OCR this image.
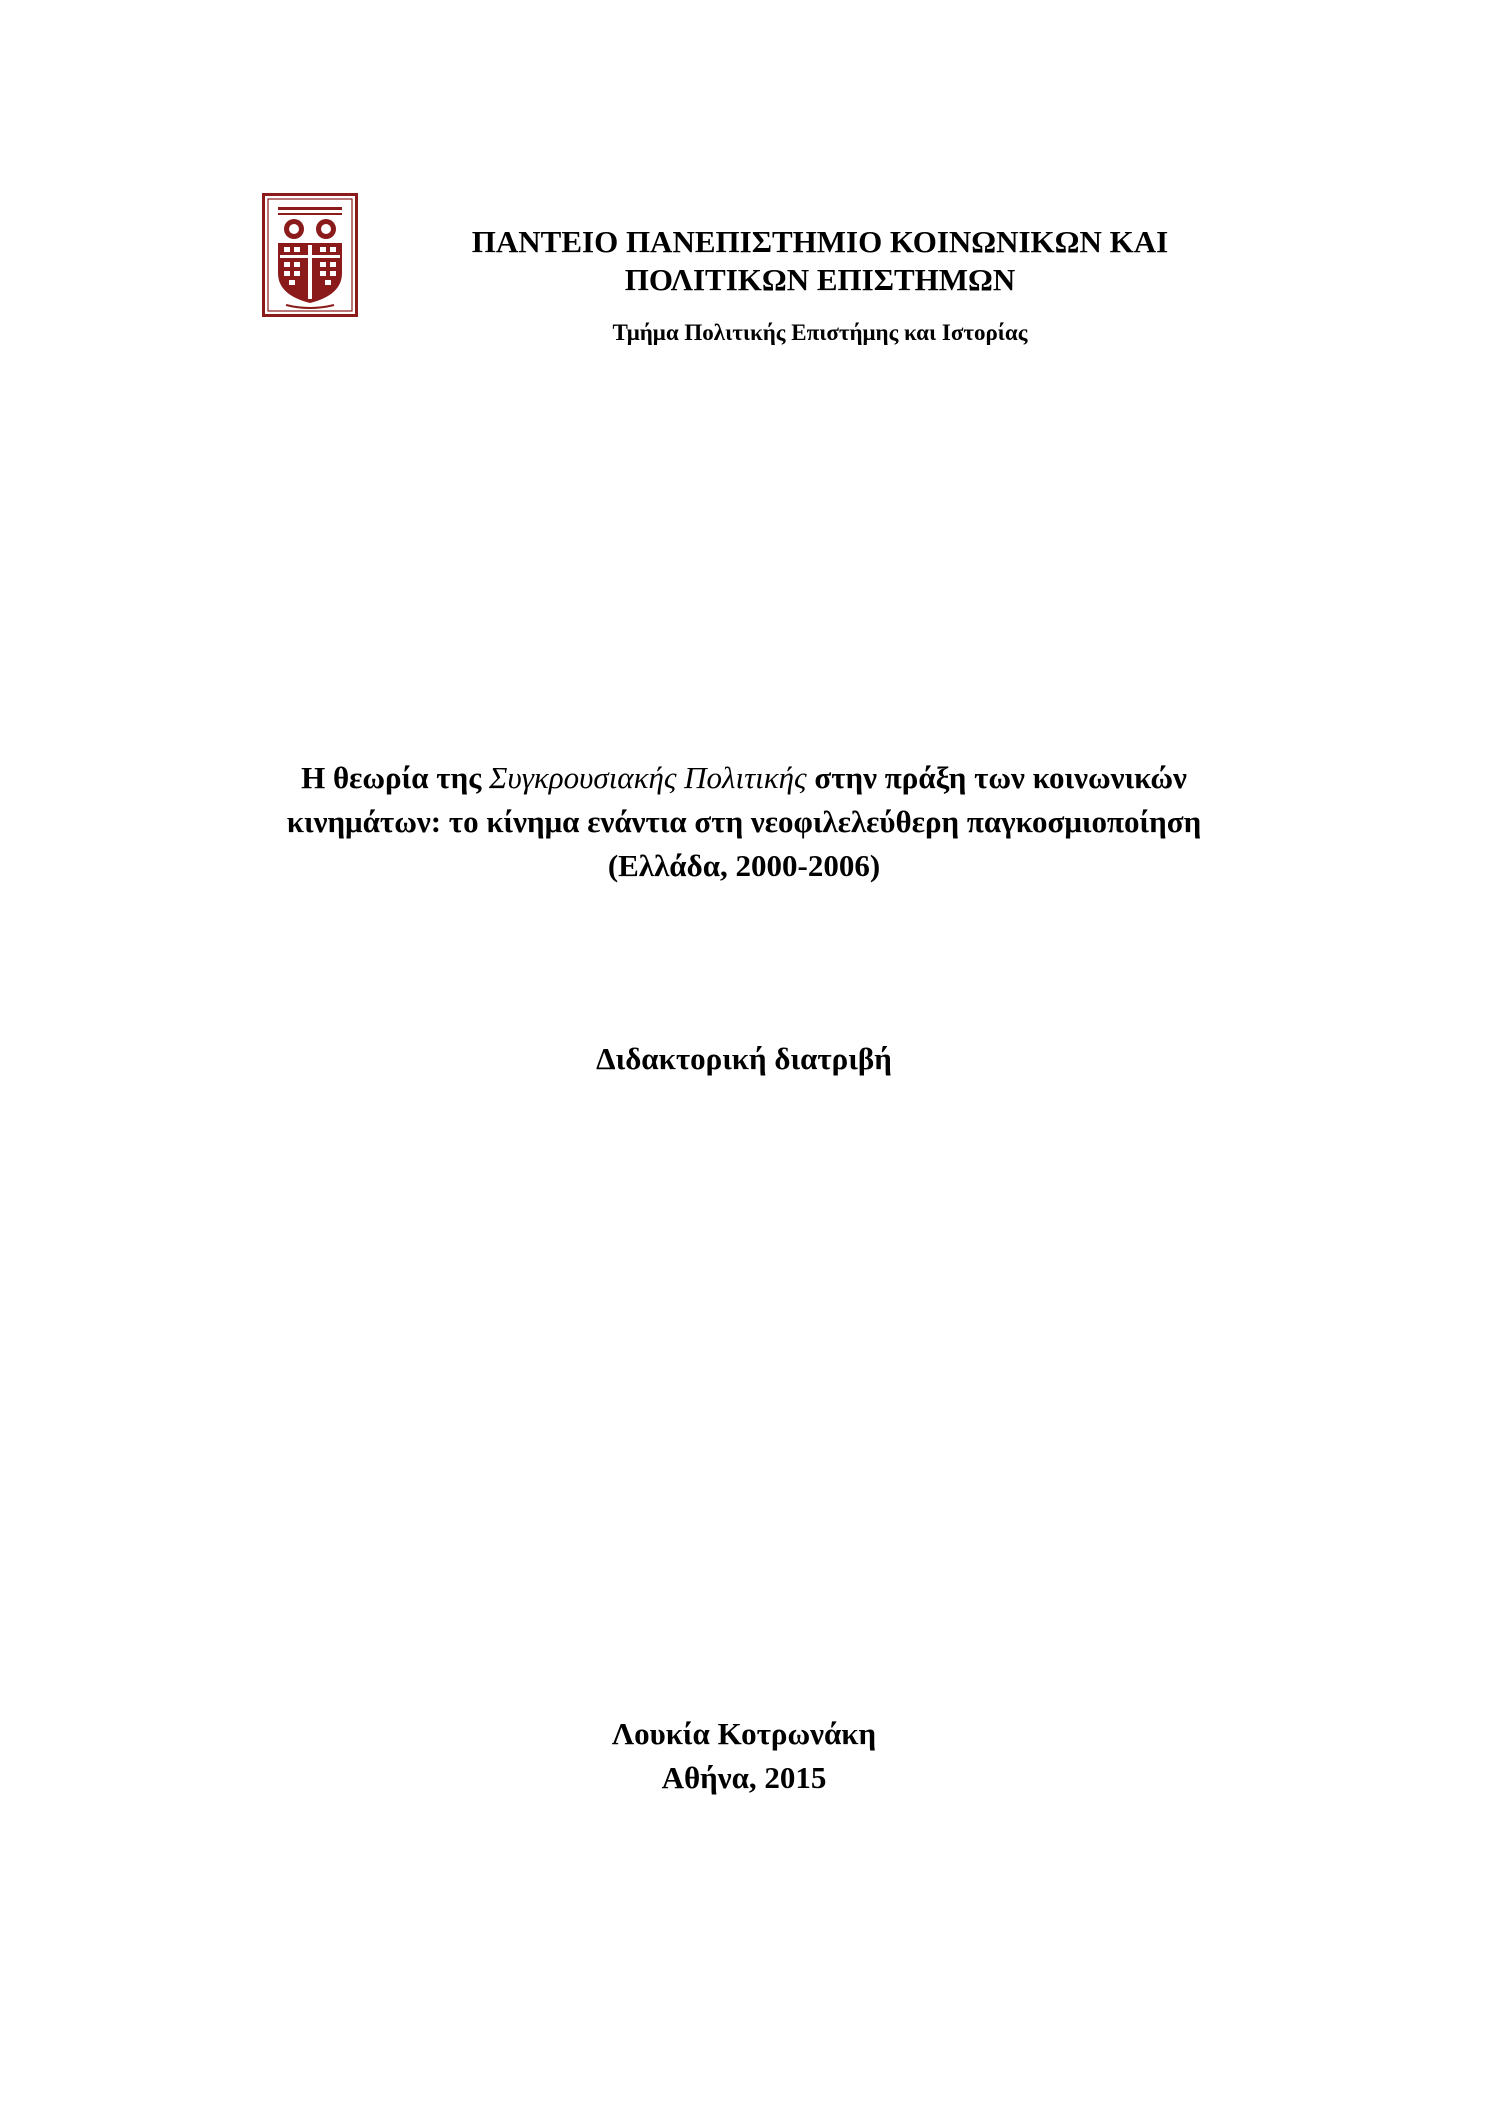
ΠΑΝΤΕΙΟ ΠΑΝΕΠΙΣΤΗΜΙΟ ΚΟΙΝΩΝΙΚΩΝ ΚΑΙ
ΠΟΛΙΤΙΚΩΝ ΕΠΙΣΤΗΜΩΝ
Τμήμα Πολιτικής Επιστήμης και Ιστορίας
Η θεωρία της Συγκρουσιακής Πολιτικής στην πράξη των κοινωνικών
κινημάτων: το κίνημα ενάντια στη νεοφιλελεύθερη παγκοσμιοποίηση
(Ελλάδα, 2000-2006)
Διδακτορική διατριβή
Λουκία Κοτρωνάκη
Αθήνα, 2015
